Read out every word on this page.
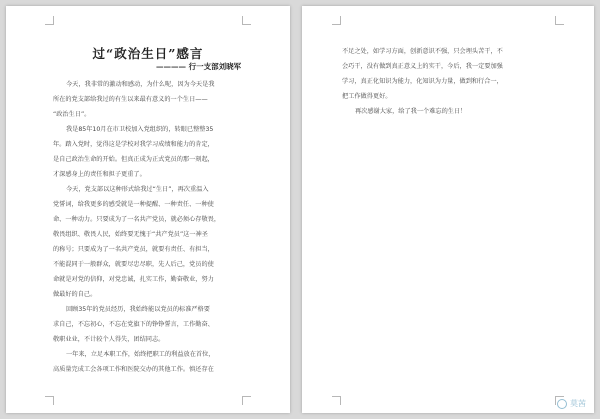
过“政治生日”感言
———— 行一支部刘晓军
今天，我非常的激动和感动，为什么呢，因为今天是我
所在的党支部给我过的有生以来最有意义的一个生日——
“政治生日”。
我是85年10月在市卫校加入党组织的，转眼已整整35
年。踏入党时，觉得这是学校对我学习成绩和能力的肯定，
是自己政治生命的开始。但真正成为正式党员的那一刻起，
才深感身上的责任和担子更重了。
今天，党支部以这种形式给我过“生日”，再次重温入
党誓词，给我更多的感受就是一种提醒、一种责任、一种使
命、一种动力。只要成为了一名共产党员，就必须心存敬畏，
敬畏组织、敬畏人民，始终要无愧于“共产党员”这一神圣
的称号；只要成为了一名共产党员，就要有责任、有担当，
不能混同于一般群众，就要尽忠尽职，先人后己，党员的使
命就是对党的信仰，对党忠诚，扎实工作，勤奋敬业，努力
做最好的自己。
回顾35年的党员经历，我始终能以党员的标准严格要
求自己，不忘初心，不忘在党旗下的铮铮誓言，工作勤奋、
敬职业业，不计较个人得失，团结同志。
一年来，立足本职工作，始终把职工的利益放在首位，
高质量完成工会各项工作和医院交办的其他工作。慎还存在
不足之处，如学习方面，创新意识不强，只会埋头苦干，不
会巧干，没有做到真正意义上的实干，今后，我一定要加强
学习，真正化知识为能力，化知识为力量，做到和行合一，
把工作做得更好。
再次感谢大家，给了我一个难忘的生日！
莫茜
